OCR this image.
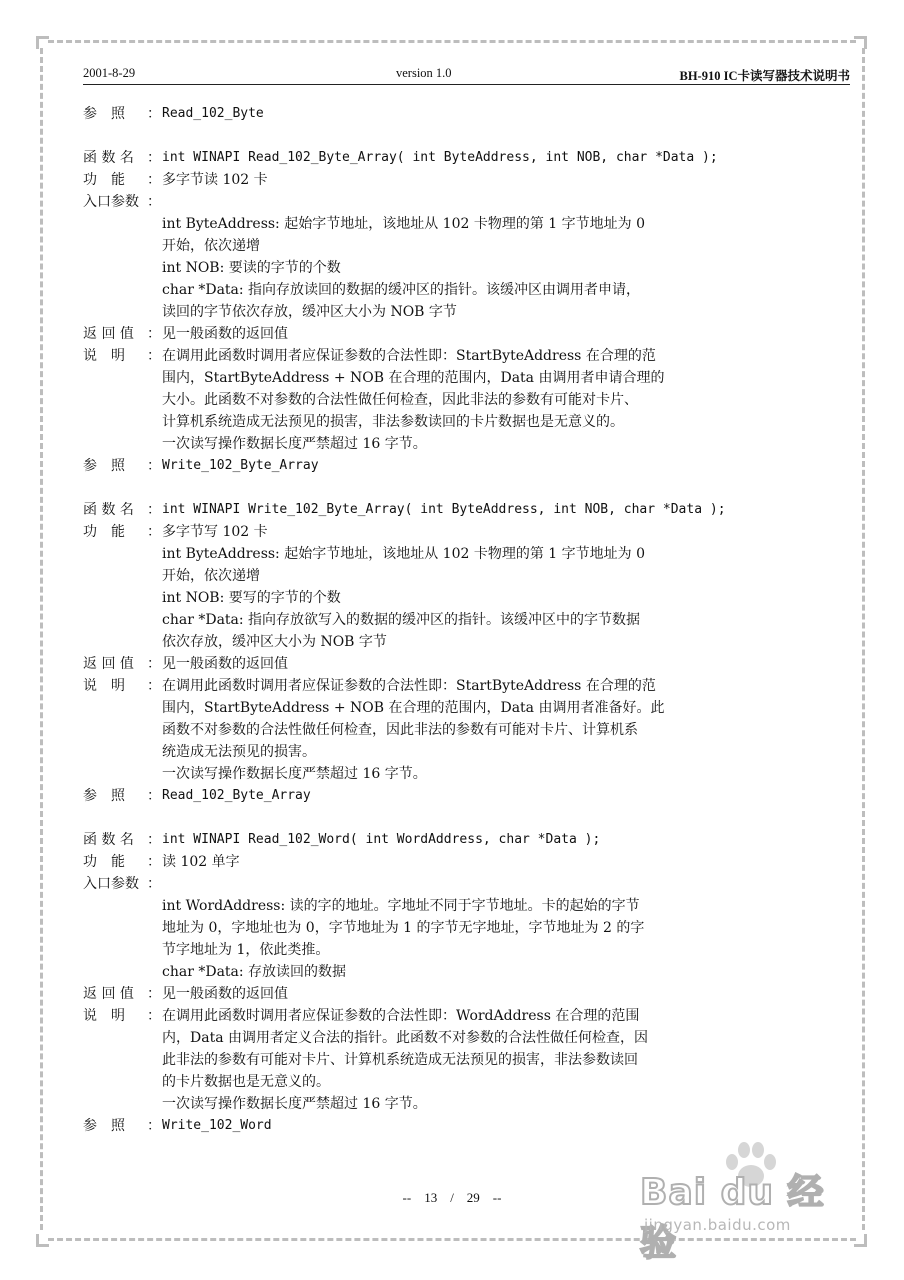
2001-8-29	version 1.0	BH-910 IC卡读写器技术说明书
参　照 ： Read_102_Byte
函 数 名 ： int WINAPI Read_102_Byte_Array( int ByteAddress, int NOB, char *Data );
功　能 ： 多字节读 102 卡
入口参数 ：
int ByteAddress: 起始字节地址，该地址从 102 卡物理的第 1 字节地址为 0
开始，依次递增
int NOB: 要读的字节的个数
char *Data: 指向存放读回的数据的缓冲区的指针。该缓冲区由调用者申请，
读回的字节依次存放，缓冲区大小为 NOB 字节
返 回 值 ： 见一般函数的返回值
说　明 ： 在调用此函数时调用者应保证参数的合法性即：StartByteAddress 在合理的范
围内，StartByteAddress + NOB 在合理的范围内，Data 由调用者申请合理的
大小。此函数不对参数的合法性做任何检查，因此非法的参数有可能对卡片、
计算机系统造成无法预见的损害，非法参数读回的卡片数据也是无意义的。
一次读写操作数据长度严禁超过 16 字节。
参　照 ： Write_102_Byte_Array
函 数 名 ： int WINAPI Write_102_Byte_Array( int ByteAddress, int NOB, char *Data );
功　能 ： 多字节写 102 卡
int ByteAddress: 起始字节地址，该地址从 102 卡物理的第 1 字节地址为 0
开始，依次递增
int NOB: 要写的字节的个数
char *Data: 指向存放欲写入的数据的缓冲区的指针。该缓冲区中的字节数据
依次存放，缓冲区大小为 NOB 字节
返 回 值 ： 见一般函数的返回值
说　明 ： 在调用此函数时调用者应保证参数的合法性即：StartByteAddress 在合理的范
围内，StartByteAddress + NOB 在合理的范围内，Data 由调用者准备好。此
函数不对参数的合法性做任何检查，因此非法的参数有可能对卡片、计算机系
统造成无法预见的损害。
一次读写操作数据长度严禁超过 16 字节。
参　照 ： Read_102_Byte_Array
函 数 名 ： int WINAPI Read_102_Word( int WordAddress, char *Data );
功　能 ： 读 102 单字
入口参数 ：
int WordAddress: 读的字的地址。字地址不同于字节地址。卡的起始的字节
地址为 0，字地址也为 0，字节地址为 1 的字节无字地址，字节地址为 2 的字
节字地址为 1，依此类推。
char *Data: 存放读回的数据
返 回 值 ： 见一般函数的返回值
说　明 ： 在调用此函数时调用者应保证参数的合法性即：WordAddress 在合理的范围
内，Data 由调用者定义合法的指针。此函数不对参数的合法性做任何检查，因
此非法的参数有可能对卡片、计算机系统造成无法预见的损害，非法参数读回
的卡片数据也是无意义的。
一次读写操作数据长度严禁超过 16 字节。
参　照 ： Write_102_Word
--　13　/　29　--	Bai du 经验
jingyan.baidu.com
